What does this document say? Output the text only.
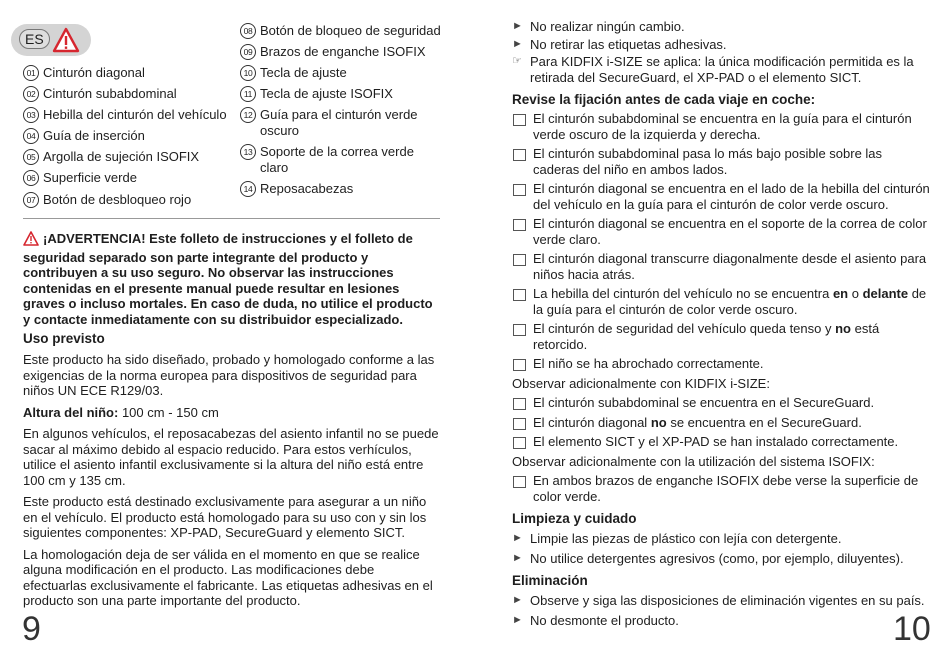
ES
01 Cinturón diagonal
02 Cinturón subabdominal
03 Hebilla del cinturón del vehículo
04 Guía de inserción
05 Argolla de sujeción ISOFIX
06 Superficie verde
07 Botón de desbloqueo rojo
08 Botón de bloqueo de seguridad
09 Brazos de enganche ISOFIX
10 Tecla de ajuste
11 Tecla de ajuste ISOFIX
12 Guía para el cinturón verde oscuro
13 Soporte de la correa verde claro
14 Reposacabezas
¡ADVERTENCIA! Este folleto de instrucciones y el folleto de seguridad separado son parte integrante del producto y contribuyen a su uso seguro. No observar las instrucciones contenidas en el presente manual puede resultar en lesiones graves o incluso mortales. En caso de duda, no utilice el producto y contacte inmediatamente con su distribuidor especializado.

Uso previsto

Este producto ha sido diseñado, probado y homologado conforme a las exigencias de la norma europea para dispositivos de seguridad para niños UN ECE R129/03.

Altura del niño: 100 cm - 150 cm

En algunos vehículos, el reposacabezas del asiento infantil no se puede sacar al máximo debido al espacio reducido. Para estos verhículos, utilice el asiento infantil exclusivamente si la altura del niño está entre 100 cm y 135 cm.

Este producto está destinado exclusivamente para asegurar a un niño en el vehículo. El producto está homologado para su uso con y sin los siguientes componentes: XP-PAD, SecureGuard y elemento SICT.

La homologación deja de ser válida en el momento en que se realice alguna modificación en el producto. Las modificaciones debe efectuarlas exclusivamente el fabricante. Las etiquetas adhesivas en el producto son una parte importante del producto.

► No realizar ningún cambio.
► No retirar las etiquetas adhesivas.
☞ Para KIDFIX i-SIZE se aplica: la única modificación permitida es la retirada del SecureGuard, el XP-PAD o el elemento SICT.

Revise la fijación antes de cada viaje en coche:

El cinturón subabdominal se encuentra en la guía para el cinturón verde oscuro de la izquierda y derecha.
El cinturón subabdominal pasa lo más bajo posible sobre las caderas del niño en ambos lados.
El cinturón diagonal se encuentra en el lado de la hebilla del cinturón del vehículo en la guía para el cinturón de color verde oscuro.
El cinturón diagonal se encuentra en el soporte de la correa de color verde claro.
El cinturón diagonal transcurre diagonalmente desde el asiento para niños hacia atrás.
La hebilla del cinturón del vehículo no se encuentra en o delante de la guía para el cinturón de color verde oscuro.
El cinturón de seguridad del vehículo queda tenso y no está retorcido.
El niño se ha abrochado correctamente.

Observar adicionalmente con KIDFIX i-SIZE:

El cinturón subabdominal se encuentra en el SecureGuard.
El cinturón diagonal no se encuentra en el SecureGuard.
El elemento SICT y el XP-PAD se han instalado correctamente.

Observar adicionalmente con la utilización del sistema ISOFIX:

En ambos brazos de enganche ISOFIX debe verse la superficie de color verde.

Limpieza y cuidado

► Limpie las piezas de plástico con lejía con detergente.
► No utilice detergentes agresivos (como, por ejemplo, diluyentes).

Eliminación

► Observe y siga las disposiciones de eliminación vigentes en su país.
► No desmonte el producto.
9	10
